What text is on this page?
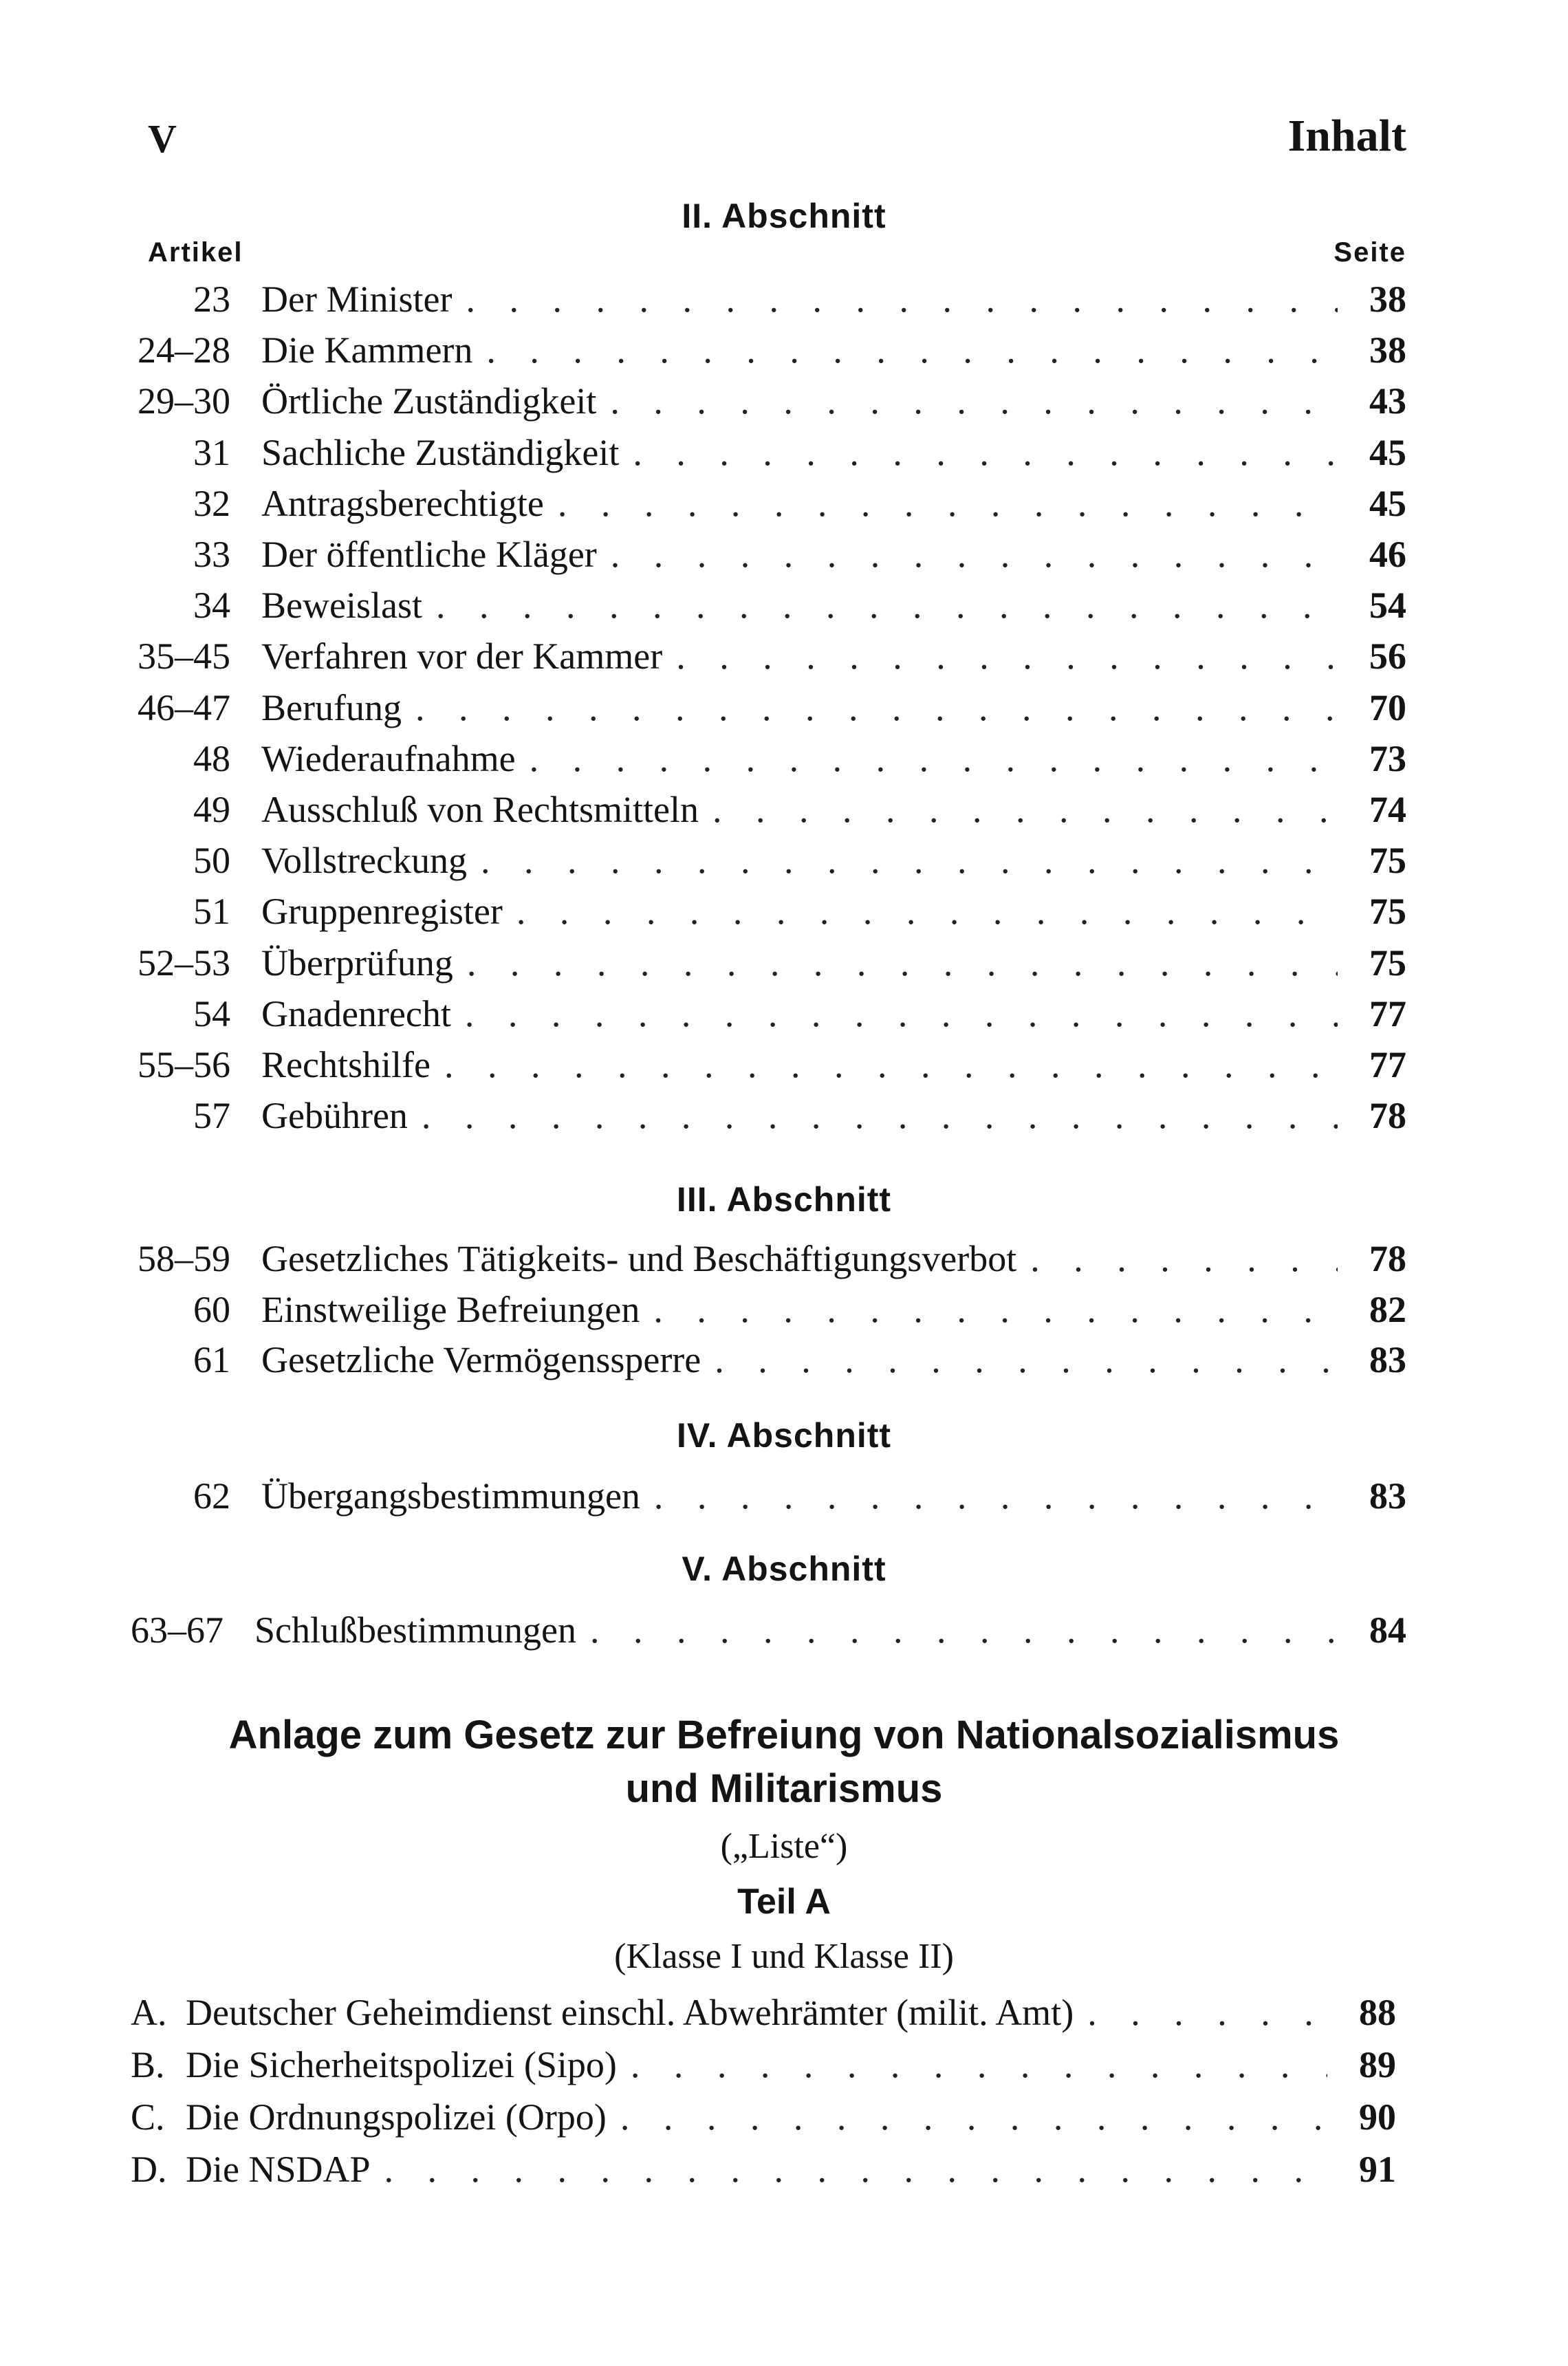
V	Inhalt
II. Abschnitt
Artikel	Seite
23 Der Minister . . .	38
24–28 Die Kammern . . .	38
29–30 Örtliche Zuständigkeit . . .	43
31 Sachliche Zuständigkeit . . .	45
32 Antragsberechtigte . . .	45
33 Der öffentliche Kläger . . .	46
34 Beweislast . . .	54
35–45 Verfahren vor der Kammer . . .	56
46–47 Berufung . . .	70
48 Wiederaufnahme . . .	73
49 Ausschluß von Rechtsmitteln . . .	74
50 Vollstreckung . . .	75
51 Gruppenregister . . .	75
52–53 Überprüfung . . .	75
54 Gnadenrecht . . .	77
55–56 Rechtshilfe . . .	77
57 Gebühren . . .	78
III. Abschnitt
58–59 Gesetzliches Tätigkeits- und Beschäftigungsverbot . . .	78
60 Einstweilige Befreiungen . . .	82
61 Gesetzliche Vermögenssperre . . .	83
IV. Abschnitt
62 Übergangsbestimmungen . . .	83
V. Abschnitt
63–67 Schlußbestimmungen . . .	84
Anlage zum Gesetz zur Befreiung von Nationalsozialismus
und Militarismus
(„Liste“)
Teil A
(Klasse I und Klasse II)
A. Deutscher Geheimdienst einschl. Abwehrämter (milit. Amt) . . .	88
B. Die Sicherheitspolizei (Sipo) . . .	89
C. Die Ordnungspolizei (Orpo) . . .	90
D. Die NSDAP . . .	91
